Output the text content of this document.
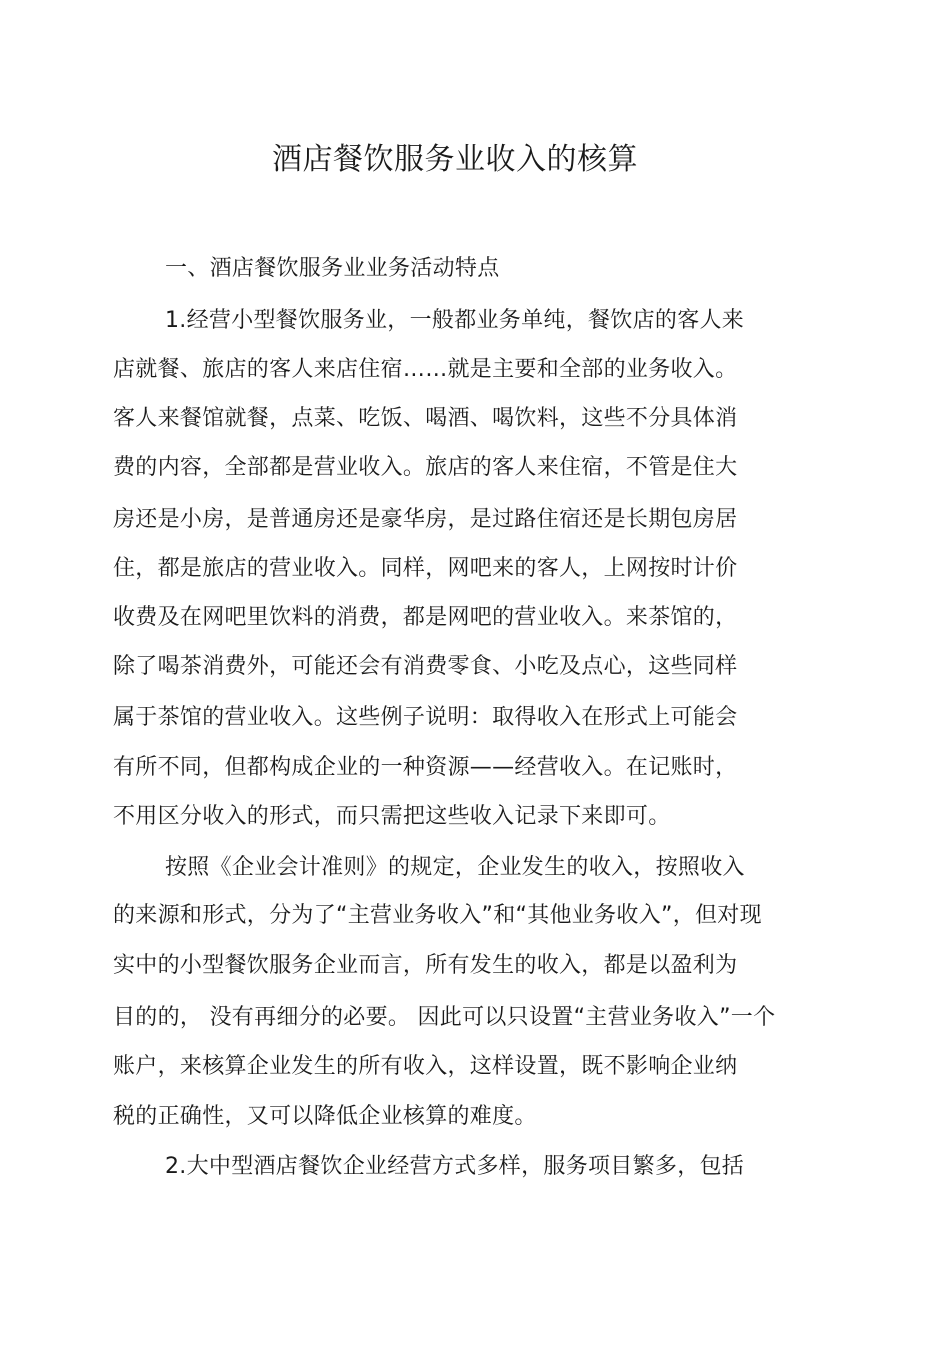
酒店餐饮服务业收入的核算
一、酒店餐饮服务业业务活动特点
1.经营小型餐饮服务业，一般都业务单纯，餐饮店的客人来
店就餐、旅店的客人来店住宿……就是主要和全部的业务收入。
客人来餐馆就餐，点菜、吃饭、喝酒、喝饮料，这些不分具体消
费的内容，全部都是营业收入。旅店的客人来住宿，不管是住大
房还是小房，是普通房还是豪华房，是过路住宿还是长期包房居
住，都是旅店的营业收入。同样，网吧来的客人，上网按时计价
收费及在网吧里饮料的消费，都是网吧的营业收入。来茶馆的，
除了喝茶消费外，可能还会有消费零食、小吃及点心，这些同样
属于茶馆的营业收入。这些例子说明：取得收入在形式上可能会
有所不同，但都构成企业的一种资源——经营收入。在记账时，
不用区分收入的形式，而只需把这些收入记录下来即可。
按照《企业会计准则》的规定，企业发生的收入，按照收入
的来源和形式，分为了“主营业务收入”和“其他业务收入”，但对现
实中的小型餐饮服务企业而言，所有发生的收入，都是以盈利为
目的的， 没有再细分的必要。 因此可以只设置“主营业务收入”一个
账户，来核算企业发生的所有收入，这样设置，既不影响企业纳
税的正确性，又可以降低企业核算的难度。
2.大中型酒店餐饮企业经营方式多样，服务项目繁多，包括
